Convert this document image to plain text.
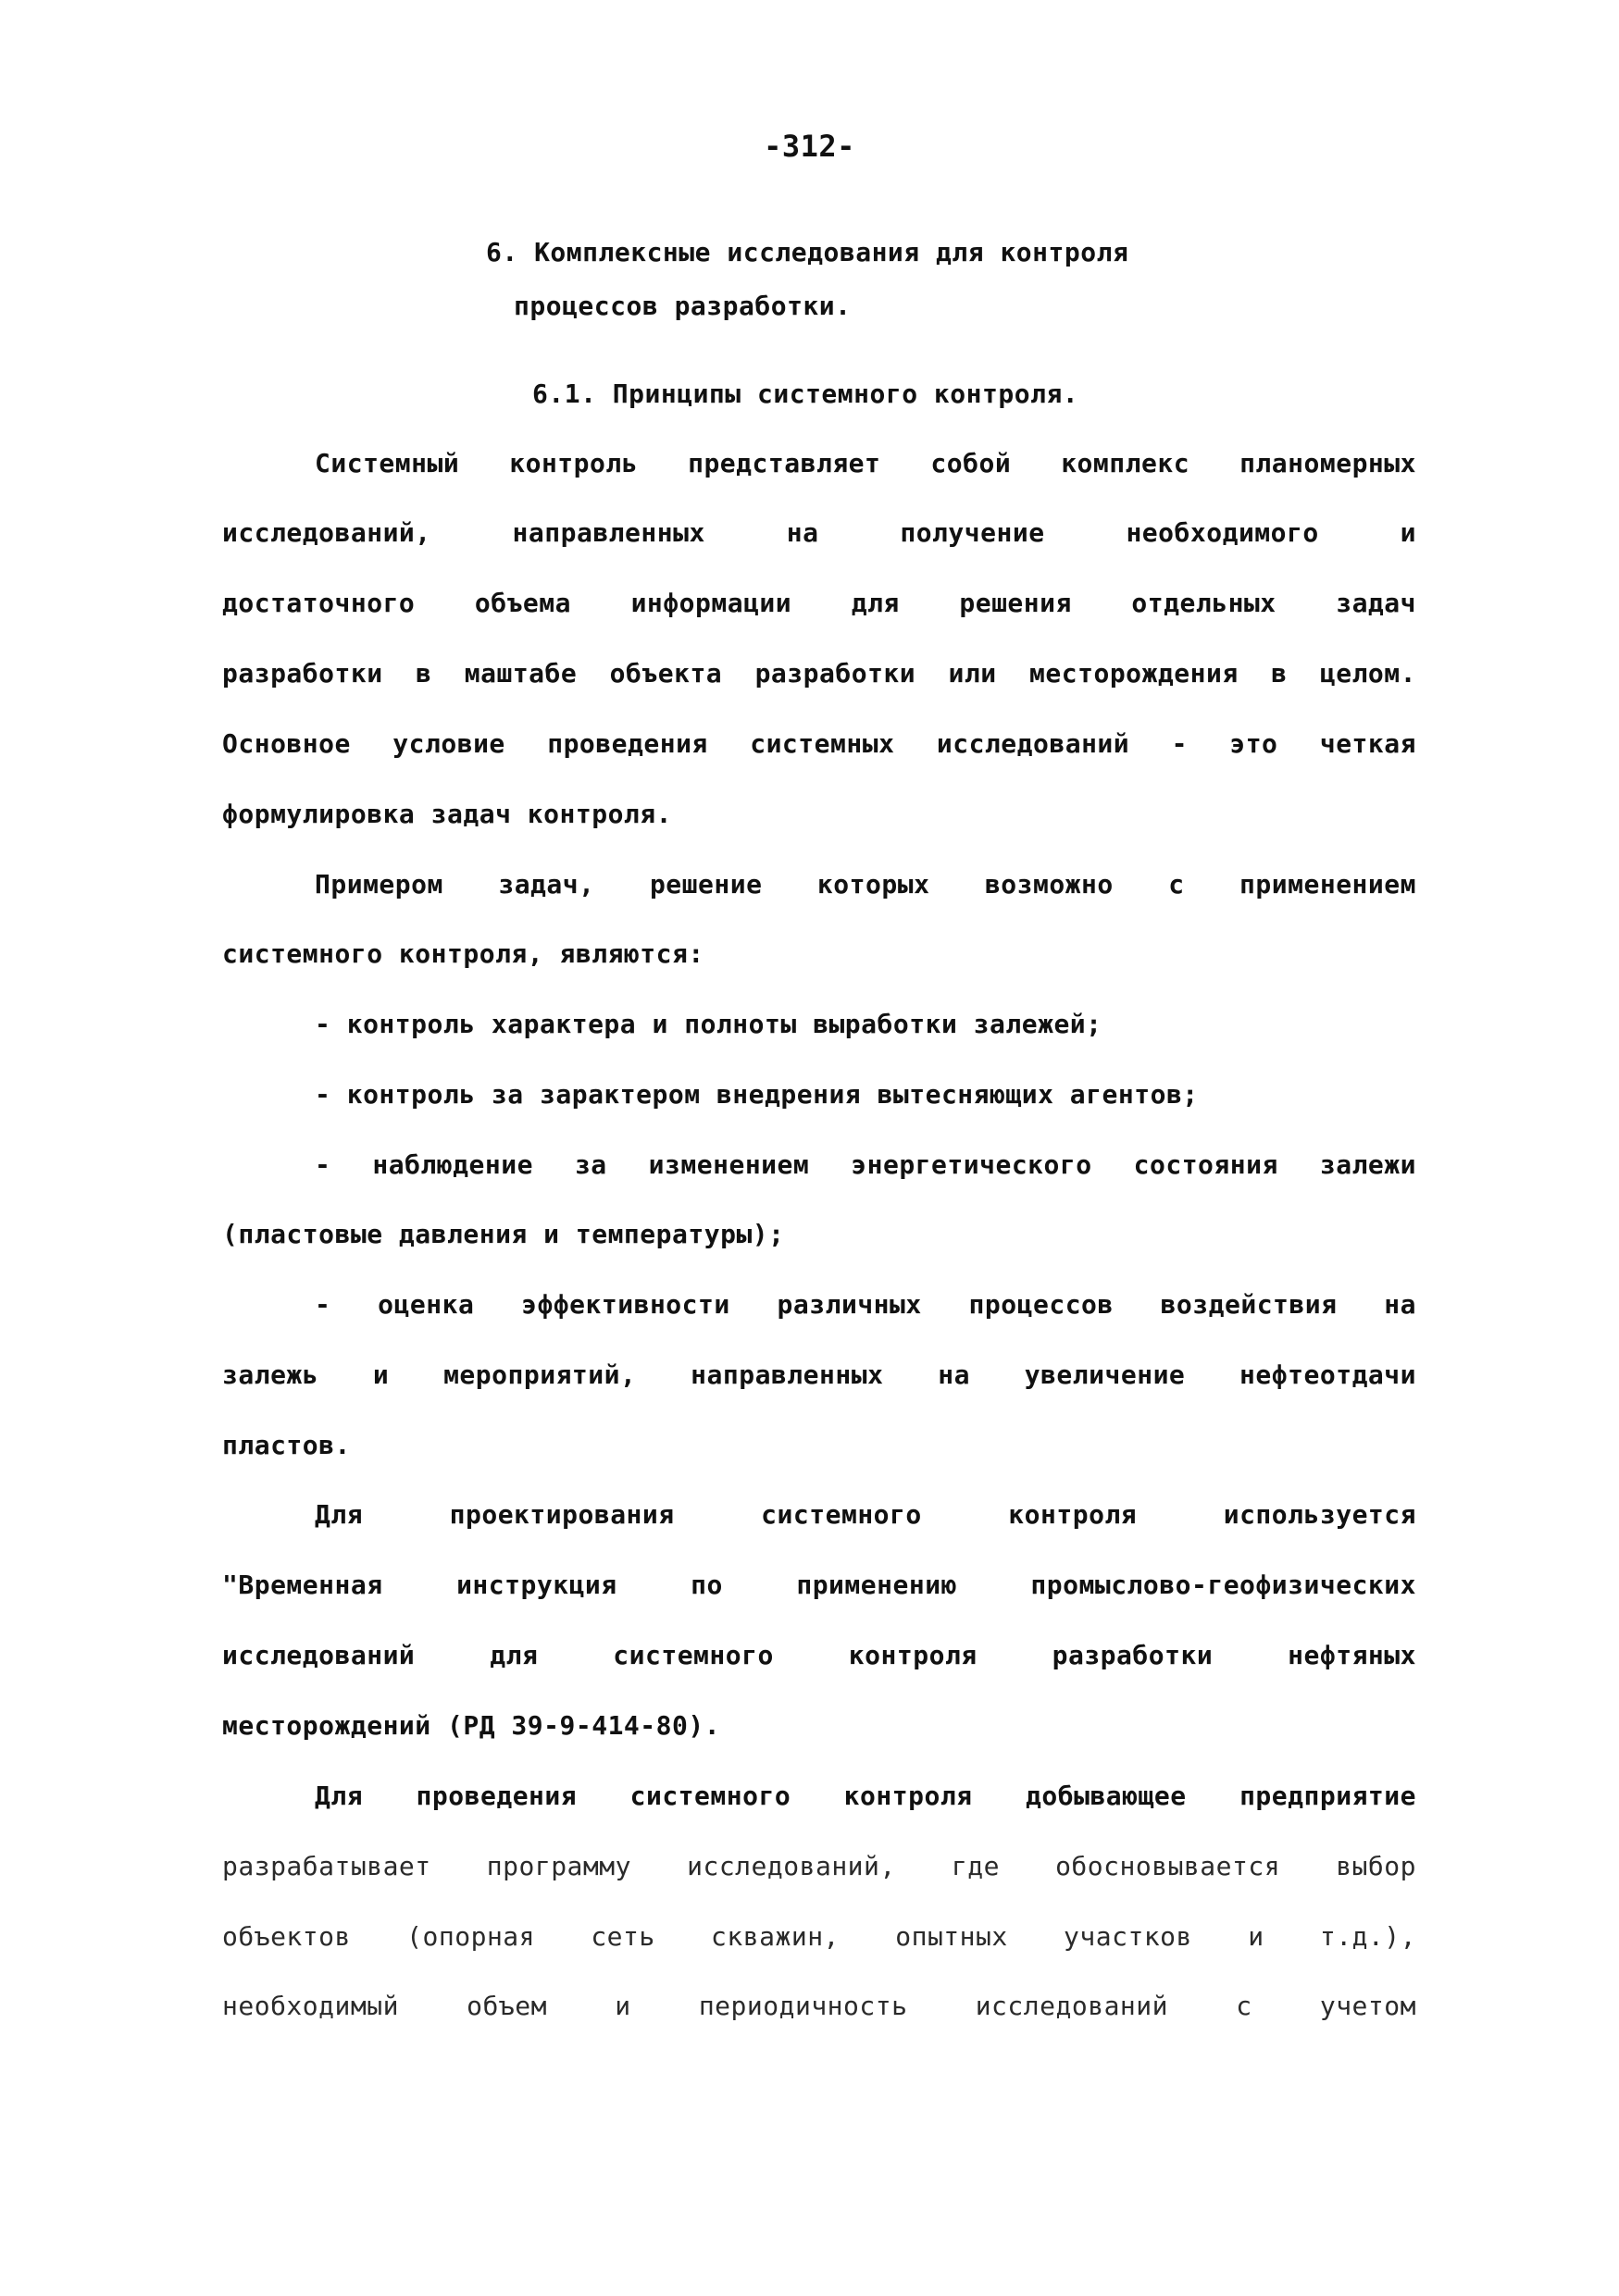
-312-
6. Комплексные исследования для контроля
процессов разработки.
6.1. Принципы системного контроля.
Системный контроль представляет собой комплекс планомерных
исследований, направленных на получение необходимого и
достаточного объема информации для решения отдельных задач
разработки в маштабе объекта разработки или месторождения в целом.
Основное условие проведения системных исследований - это четкая
формулировка задач контроля.
Примером задач, решение которых возможно с применением
системного контроля, являются:
- контроль характера и полноты выработки залежей;
- контроль за зарактером внедрения вытесняющих агентов;
- наблюдение за изменением энергетического состояния залежи
(пластовые давления и температуры);
- оценка эффективности различных процессов воздействия на
залежь и мероприятий, направленных на увеличение нефтеотдачи
пластов.
Для проектирования системного контроля используется
"Временная инструкция по применению промыслово-геофизических
исследований для системного контроля разработки нефтяных
месторождений (РД 39-9-414-80).
Для проведения системного контроля добывающее предприятие
разрабатывает программу исследований, где обосновывается выбор
объектов (опорная сеть скважин, опытных участков и т.д.),
необходимый объем и периодичность исследований с учетом
